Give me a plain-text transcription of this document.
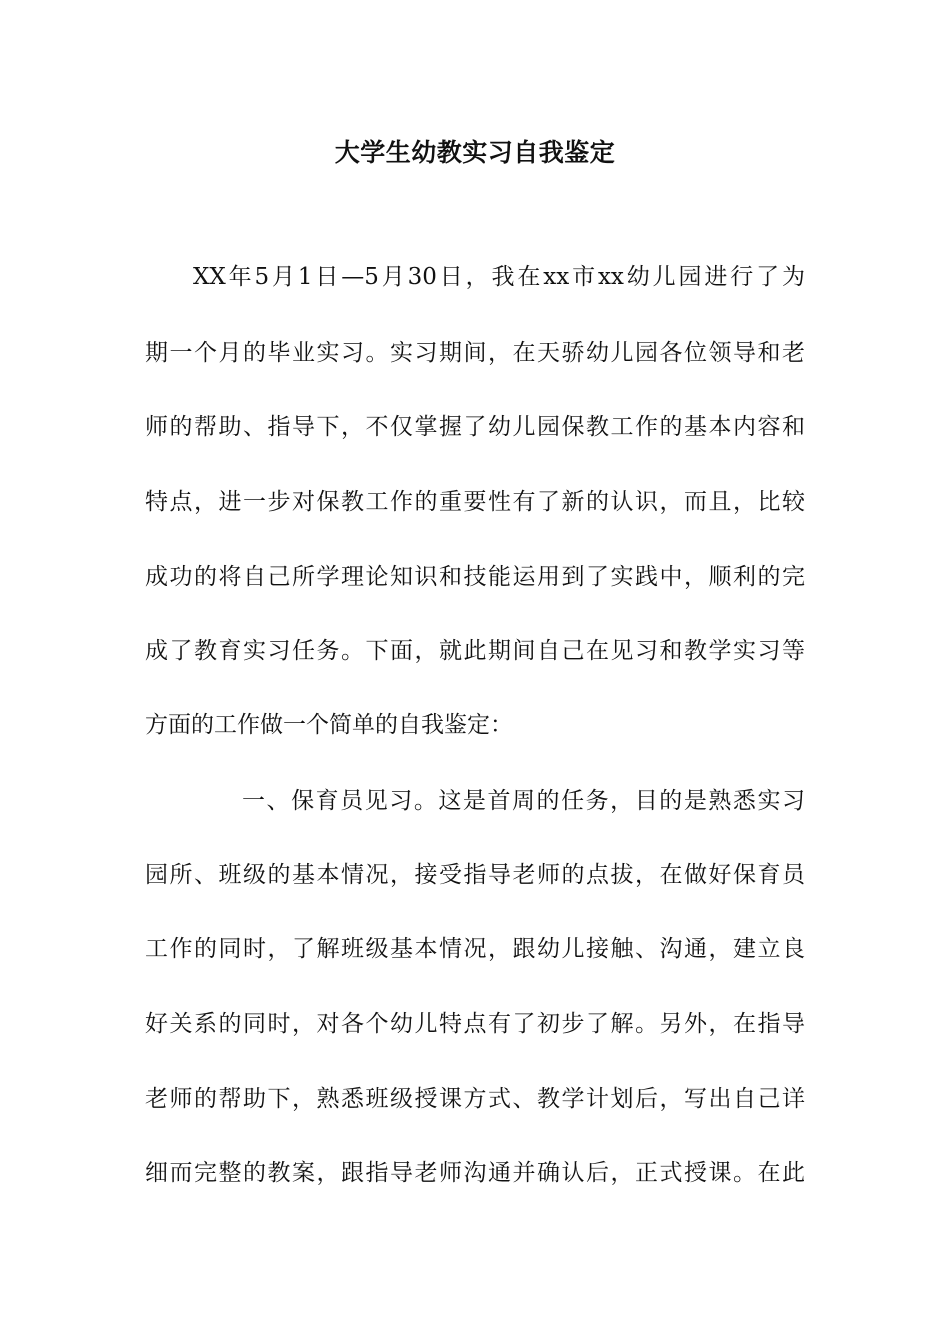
大学生幼教实习自我鉴定
XX年5月1日—5月30日，我在xx市xx幼儿园进行了为
期一个月的毕业实习。实习期间，在天骄幼儿园各位领导和老
师的帮助、指导下，不仅掌握了幼儿园保教工作的基本内容和
特点，进一步对保教工作的重要性有了新的认识，而且，比较
成功的将自己所学理论知识和技能运用到了实践中，顺利的完
成了教育实习任务。下面，就此期间自己在见习和教学实习等
方面的工作做一个简单的自我鉴定：
一、保育员见习。这是首周的任务，目的是熟悉实习
园所、班级的基本情况，接受指导老师的点拔，在做好保育员
工作的同时，了解班级基本情况，跟幼儿接触、沟通，建立良
好关系的同时，对各个幼儿特点有了初步了解。另外，在指导
老师的帮助下，熟悉班级授课方式、教学计划后，写出自己详
细而完整的教案，跟指导老师沟通并确认后，正式授课。在此
